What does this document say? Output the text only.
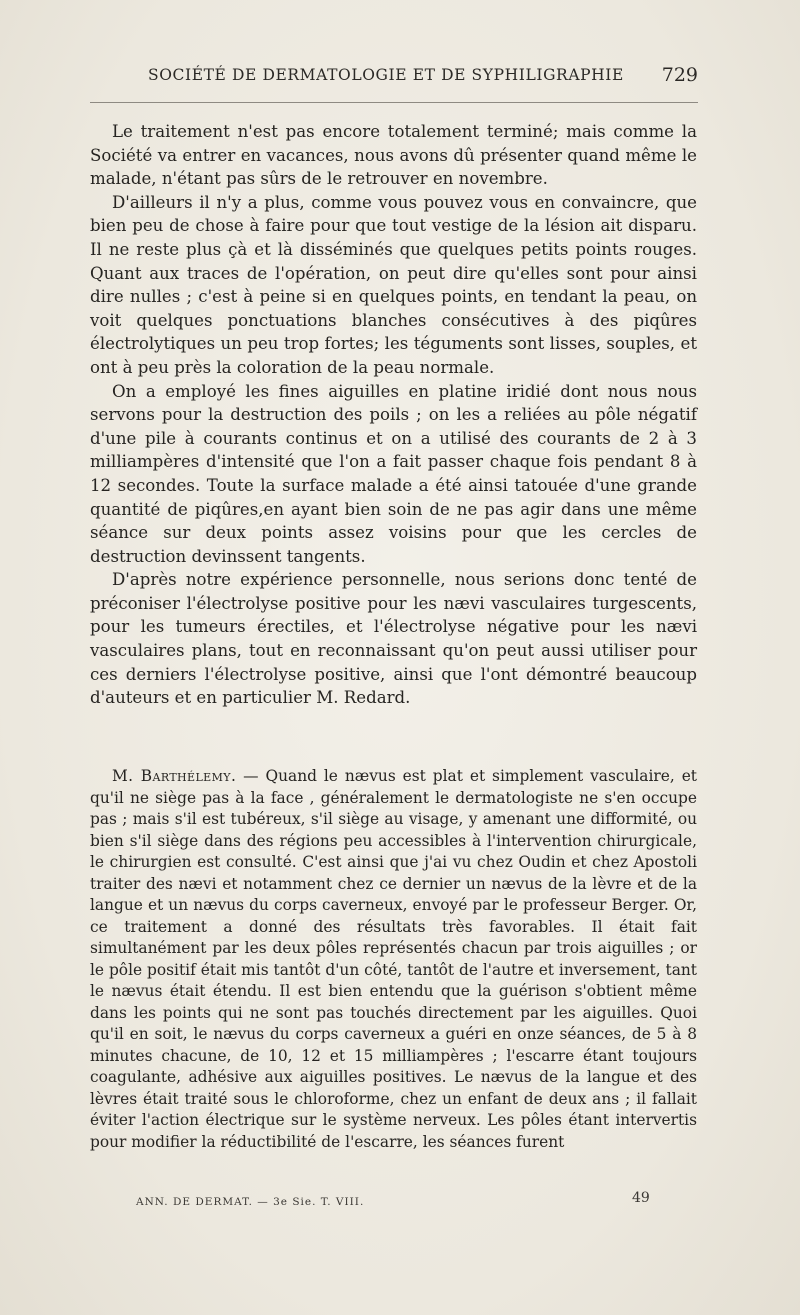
SOCIÉTÉ DE DERMATOLOGIE ET DE SYPHILIGRAPHIE 729

Le traitement n'est pas encore totalement terminé; mais comme la Société va entrer en vacances, nous avons dû présenter quand même le malade, n'étant pas sûrs de le retrouver en novembre.

D'ailleurs il n'y a plus, comme vous pouvez vous en convaincre, que bien peu de chose à faire pour que tout vestige de la lésion ait disparu. Il ne reste plus çà et là disséminés que quelques petits points rouges. Quant aux traces de l'opération, on peut dire qu'elles sont pour ainsi dire nulles ; c'est à peine si en quelques points, en tendant la peau, on voit quelques ponctuations blanches consécutives à des piqûres électrolytiques un peu trop fortes; les téguments sont lisses, souples, et ont à peu près la coloration de la peau normale.

On a employé les fines aiguilles en platine iridié dont nous nous servons pour la destruction des poils ; on les a reliées au pôle négatif d'une pile à courants continus et on a utilisé des courants de 2 à 3 milliampères d'intensité que l'on a fait passer chaque fois pendant 8 à 12 secondes. Toute la surface malade a été ainsi tatouée d'une grande quantité de piqûres,en ayant bien soin de ne pas agir dans une même séance sur deux points assez voisins pour que les cercles de destruction devinssent tangents.

D'après notre expérience personnelle, nous serions donc tenté de préconiser l'électrolyse positive pour les nævi vasculaires turgescents, pour les tumeurs érectiles, et l'électrolyse négative pour les nævi vasculaires plans, tout en reconnaissant qu'on peut aussi utiliser pour ces derniers l'électrolyse positive, ainsi que l'ont démontré beaucoup d'auteurs et en particulier M. Redard.

M. Barthélemy. — Quand le nævus est plat et simplement vasculaire, et qu'il ne siège pas à la face , généralement le dermatologiste ne s'en occupe pas ; mais s'il est tubéreux, s'il siège au visage, y amenant une difformité, ou bien s'il siège dans des régions peu accessibles à l'intervention chirurgicale, le chirurgien est consulté. C'est ainsi que j'ai vu chez Oudin et chez Apostoli traiter des nævi et notamment chez ce dernier un nævus de la lèvre et de la langue et un nævus du corps caverneux, envoyé par le professeur Berger. Or, ce traitement a donné des résultats très favorables. Il était fait simultanément par les deux pôles représentés chacun par trois aiguilles ; or le pôle positif était mis tantôt d'un côté, tantôt de l'autre et inversement, tant le nævus était étendu. Il est bien entendu que la guérison s'obtient même dans les points qui ne sont pas touchés directement par les aiguilles. Quoi qu'il en soit, le nævus du corps caverneux a guéri en onze séances, de 5 à 8 minutes chacune, de 10, 12 et 15 milliampères ; l'escarre étant toujours coagulante, adhésive aux aiguilles positives. Le nævus de la langue et des lèvres était traité sous le chloroforme, chez un enfant de deux ans ; il fallait éviter l'action électrique sur le système nerveux. Les pôles étant intervertis pour modifier la réductibilité de l'escarre, les séances furent

ANN. DE DERMAT. — 3e Sie. T. VIII.	49
